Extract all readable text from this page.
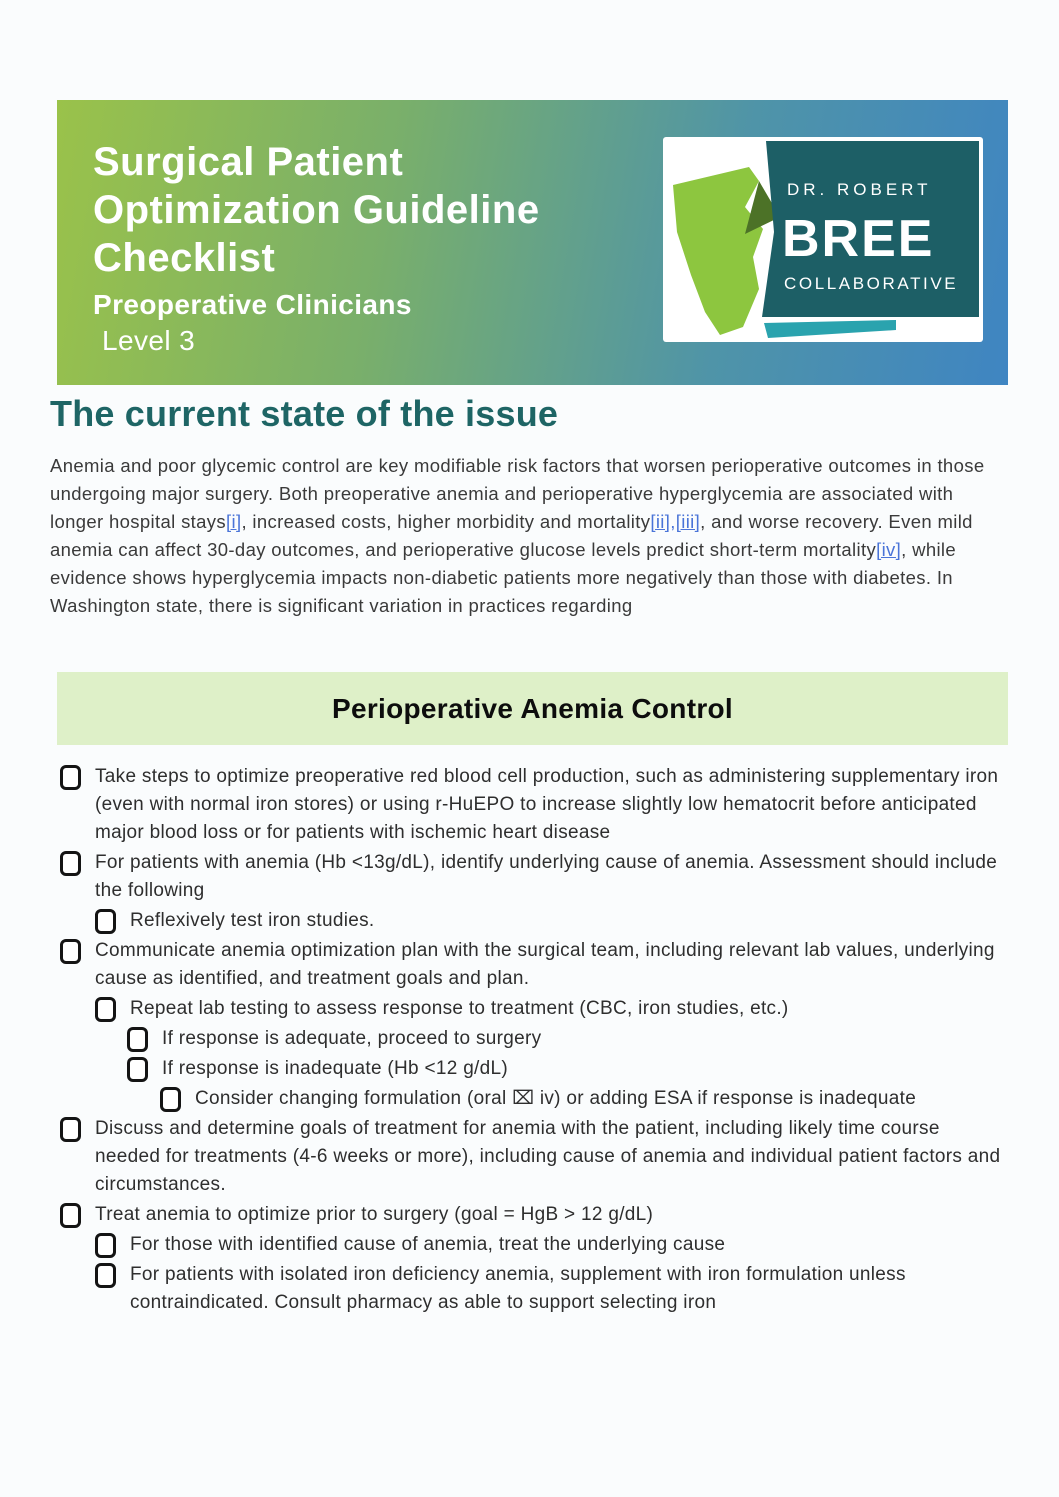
Surgical Patient
Optimization Guideline
Checklist
Preoperative Clinicians
Level 3
DR. ROBERT
BREE
COLLABORATIVE
The current state of the issue

Anemia and poor glycemic control are key modifiable risk factors that worsen perioperative outcomes in those undergoing major surgery. Both preoperative anemia and perioperative hyperglycemia are associated with longer hospital stays[i], increased costs, higher morbidity and mortality[ii],[iii], and worse recovery. Even mild anemia can affect 30-day outcomes, and perioperative glucose levels predict short-term mortality[iv], while evidence shows hyperglycemia impacts non-diabetic patients more negatively than those with diabetes. In Washington state, there is significant variation in practices regarding

Perioperative Anemia Control
Take steps to optimize preoperative red blood cell production, such as administering supplementary iron (even with normal iron stores) or using r-HuEPO to increase slightly low hematocrit before anticipated major blood loss or for patients with ischemic heart disease
For patients with anemia (Hb <13g/dL), identify underlying cause of anemia. Assessment should include the following
Reflexively test iron studies.
Communicate anemia optimization plan with the surgical team, including relevant lab values, underlying cause as identified, and treatment goals and plan.
Repeat lab testing to assess response to treatment (CBC, iron studies, etc.)
If response is adequate, proceed to surgery
If response is inadequate (Hb <12 g/dL)
Consider changing formulation (oral ⌧ iv) or adding ESA if response is inadequate
Discuss and determine goals of treatment for anemia with the patient, including likely time course needed for treatments (4-6 weeks or more), including cause of anemia and individual patient factors and circumstances.
Treat anemia to optimize prior to surgery (goal = HgB > 12 g/dL)
For those with identified cause of anemia, treat the underlying cause
For patients with isolated iron deficiency anemia, supplement with iron formulation unless contraindicated. Consult pharmacy as able to support selecting iron
